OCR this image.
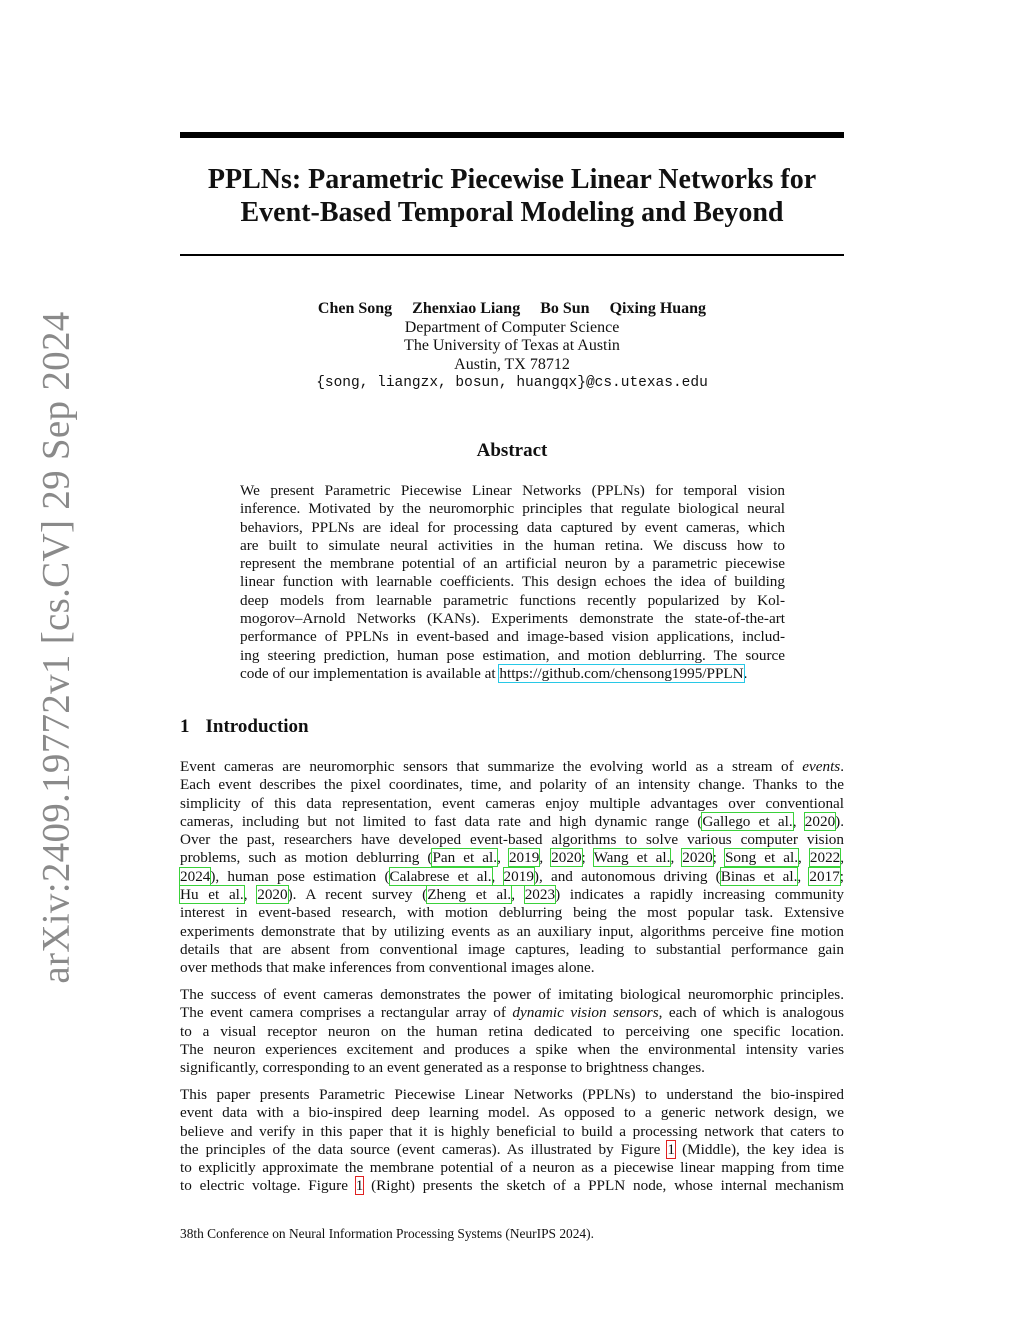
arXiv:2409.19772v1 [cs.CV] 29 Sep 2024
PPLNs: Parametric Piecewise Linear Networks for
Event-Based Temporal Modeling and Beyond
Chen Song Zhenxiao Liang Bo Sun Qixing Huang
Department of Computer Science
The University of Texas at Austin
Austin, TX 78712
{song, liangzx, bosun, huangqx}@cs.utexas.edu
Abstract
We present Parametric Piecewise Linear Networks (PPLNs) for temporal vision
inference. Motivated by the neuromorphic principles that regulate biological neural
behaviors, PPLNs are ideal for processing data captured by event cameras, which
are built to simulate neural activities in the human retina. We discuss how to
represent the membrane potential of an artificial neuron by a parametric piecewise
linear function with learnable coefficients. This design echoes the idea of building
deep models from learnable parametric functions recently popularized by Kol-
mogorov–Arnold Networks (KANs). Experiments demonstrate the state-of-the-art
performance of PPLNs in event-based and image-based vision applications, includ-
ing steering prediction, human pose estimation, and motion deblurring. The source
code of our implementation is available at https://github.com/chensong1995/PPLN.
1 Introduction
Event cameras are neuromorphic sensors that summarize the evolving world as a stream of events.
Each event describes the pixel coordinates, time, and polarity of an intensity change. Thanks to the
simplicity of this data representation, event cameras enjoy multiple advantages over conventional
cameras, including but not limited to fast data rate and high dynamic range (Gallego et al., 2020).
Over the past, researchers have developed event-based algorithms to solve various computer vision
problems, such as motion deblurring (Pan et al., 2019, 2020; Wang et al., 2020; Song et al., 2022,
2024), human pose estimation (Calabrese et al., 2019), and autonomous driving (Binas et al., 2017;
Hu et al., 2020). A recent survey (Zheng et al., 2023) indicates a rapidly increasing community
interest in event-based research, with motion deblurring being the most popular task. Extensive
experiments demonstrate that by utilizing events as an auxiliary input, algorithms perceive fine motion
details that are absent from conventional image captures, leading to substantial performance gain
over methods that make inferences from conventional images alone.
The success of event cameras demonstrates the power of imitating biological neuromorphic principles.
The event camera comprises a rectangular array of dynamic vision sensors, each of which is analogous
to a visual receptor neuron on the human retina dedicated to perceiving one specific location.
The neuron experiences excitement and produces a spike when the environmental intensity varies
significantly, corresponding to an event generated as a response to brightness changes.
This paper presents Parametric Piecewise Linear Networks (PPLNs) to understand the bio-inspired
event data with a bio-inspired deep learning model. As opposed to a generic network design, we
believe and verify in this paper that it is highly beneficial to build a processing network that caters to
the principles of the data source (event cameras). As illustrated by Figure 1 (Middle), the key idea is
to explicitly approximate the membrane potential of a neuron as a piecewise linear mapping from time
to electric voltage. Figure 1 (Right) presents the sketch of a PPLN node, whose internal mechanism
38th Conference on Neural Information Processing Systems (NeurIPS 2024).
